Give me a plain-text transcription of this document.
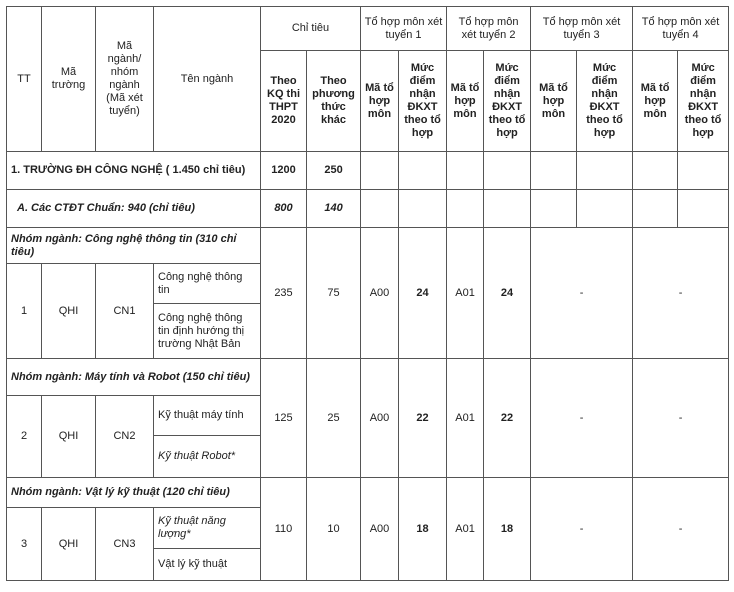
TT	Mã trường	Mã ngành/ nhóm ngành (Mã xét tuyển)	Tên ngành	Chỉ tiêu		Tổ hợp môn xét tuyển 1		Tổ hợp môn xét tuyển 2		Tổ hợp môn xét tuyển 3		Tổ hợp môn xét tuyển 4	
				Theo KQ thi THPT 2020	Theo phương thức khác	Mã tổ hợp môn	Mức điểm nhận ĐKXT theo tổ hợp	Mã tổ hợp môn	Mức điểm nhận ĐKXT theo tổ hợp	Mã tổ hợp môn	Mức điểm nhận ĐKXT theo tổ hợp	Mã tổ hợp môn	Mức điểm nhận ĐKXT theo tổ hợp
1. TRƯỜNG ĐH CÔNG NGHỆ ( 1.450 chỉ tiêu)				1200	250								
A. Các CTĐT Chuẩn: 940 (chỉ tiêu)				800	140								
Nhóm ngành: Công nghệ thông tin (310 chỉ tiêu)				235	75	A00	24	A01	24	-		-	
1	QHI	CN1	Công nghệ thông tin										
			Công nghệ thông tin định hướng thị trường Nhật Bản										
Nhóm ngành: Máy tính và Robot (150 chỉ tiêu)				125	25	A00	22	A01	22	-		-	
2	QHI	CN2	Kỹ thuật máy tính										
			Kỹ thuật Robot*										
Nhóm ngành: Vật lý kỹ thuật (120 chỉ tiêu)				110	10	A00	18	A01	18	-		-	
3	QHI	CN3	Kỹ thuật năng lượng*										
			Vật lý kỹ thuật										
